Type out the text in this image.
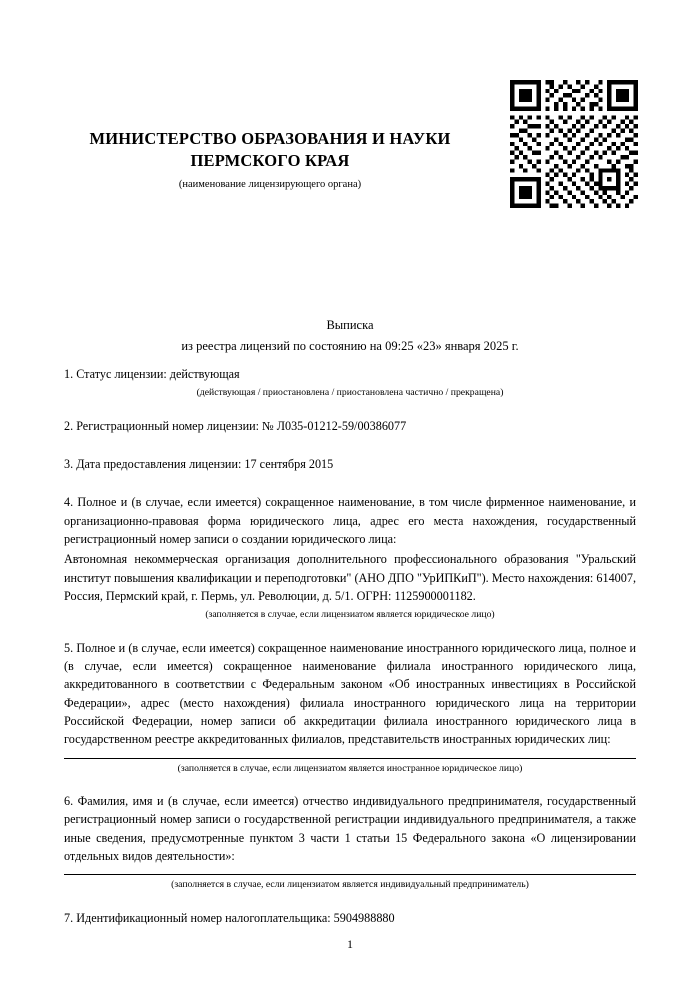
МИНИСТЕРСТВО ОБРАЗОВАНИЯ И НАУКИ ПЕРМСКОГО КРАЯ
(наименование лицензирующего органа)
Выписка
из реестра лицензий по состоянию на 09:25 «23» января 2025 г.

1. Статус лицензии: действующая

(действующая / приостановлена / приостановлена частично / прекращена)

2. Регистрационный номер лицензии: № Л035-01212-59/00386077

3. Дата предоставления лицензии: 17 сентября 2015

4. Полное и (в случае, если имеется) сокращенное наименование, в том числе фирменное наименование, и организационно-правовая форма юридического лица, адрес его места нахождения, государственный регистрационный номер записи о создании юридического лица:

Автономная некоммерческая организация дополнительного профессионального образования "Уральский институт повышения квалификации и переподготовки" (АНО ДПО "УрИПКиП"). Место нахождения: 614007, Россия, Пермский край, г. Пермь, ул. Революции, д. 5/1. ОГРН: 1125900001182.

(заполняется в случае, если лицензиатом является юридическое лицо)

5. Полное и (в случае, если имеется) сокращенное наименование иностранного юридического лица, полное и (в случае, если имеется) сокращенное наименование филиала иностранного юридического лица, аккредитованного в соответствии с Федеральным законом «Об иностранных инвестициях в Российской Федерации», адрес (место нахождения) филиала иностранного юридического лица на территории Российской Федерации, номер записи об аккредитации филиала иностранного юридического лица в государственном реестре аккредитованных филиалов, представительств иностранных юридических лиц:

(заполняется в случае, если лицензиатом является иностранное юридическое лицо)

6. Фамилия, имя и (в случае, если имеется) отчество индивидуального предпринимателя, государственный регистрационный номер записи о государственной регистрации индивидуального предпринимателя, а также иные сведения, предусмотренные пунктом 3 части 1 статьи 15 Федерального закона «О лицензировании отдельных видов деятельности»:

(заполняется в случае, если лицензиатом является индивидуальный предприниматель)

7. Идентификационный номер налогоплательщика: 5904988880

1
